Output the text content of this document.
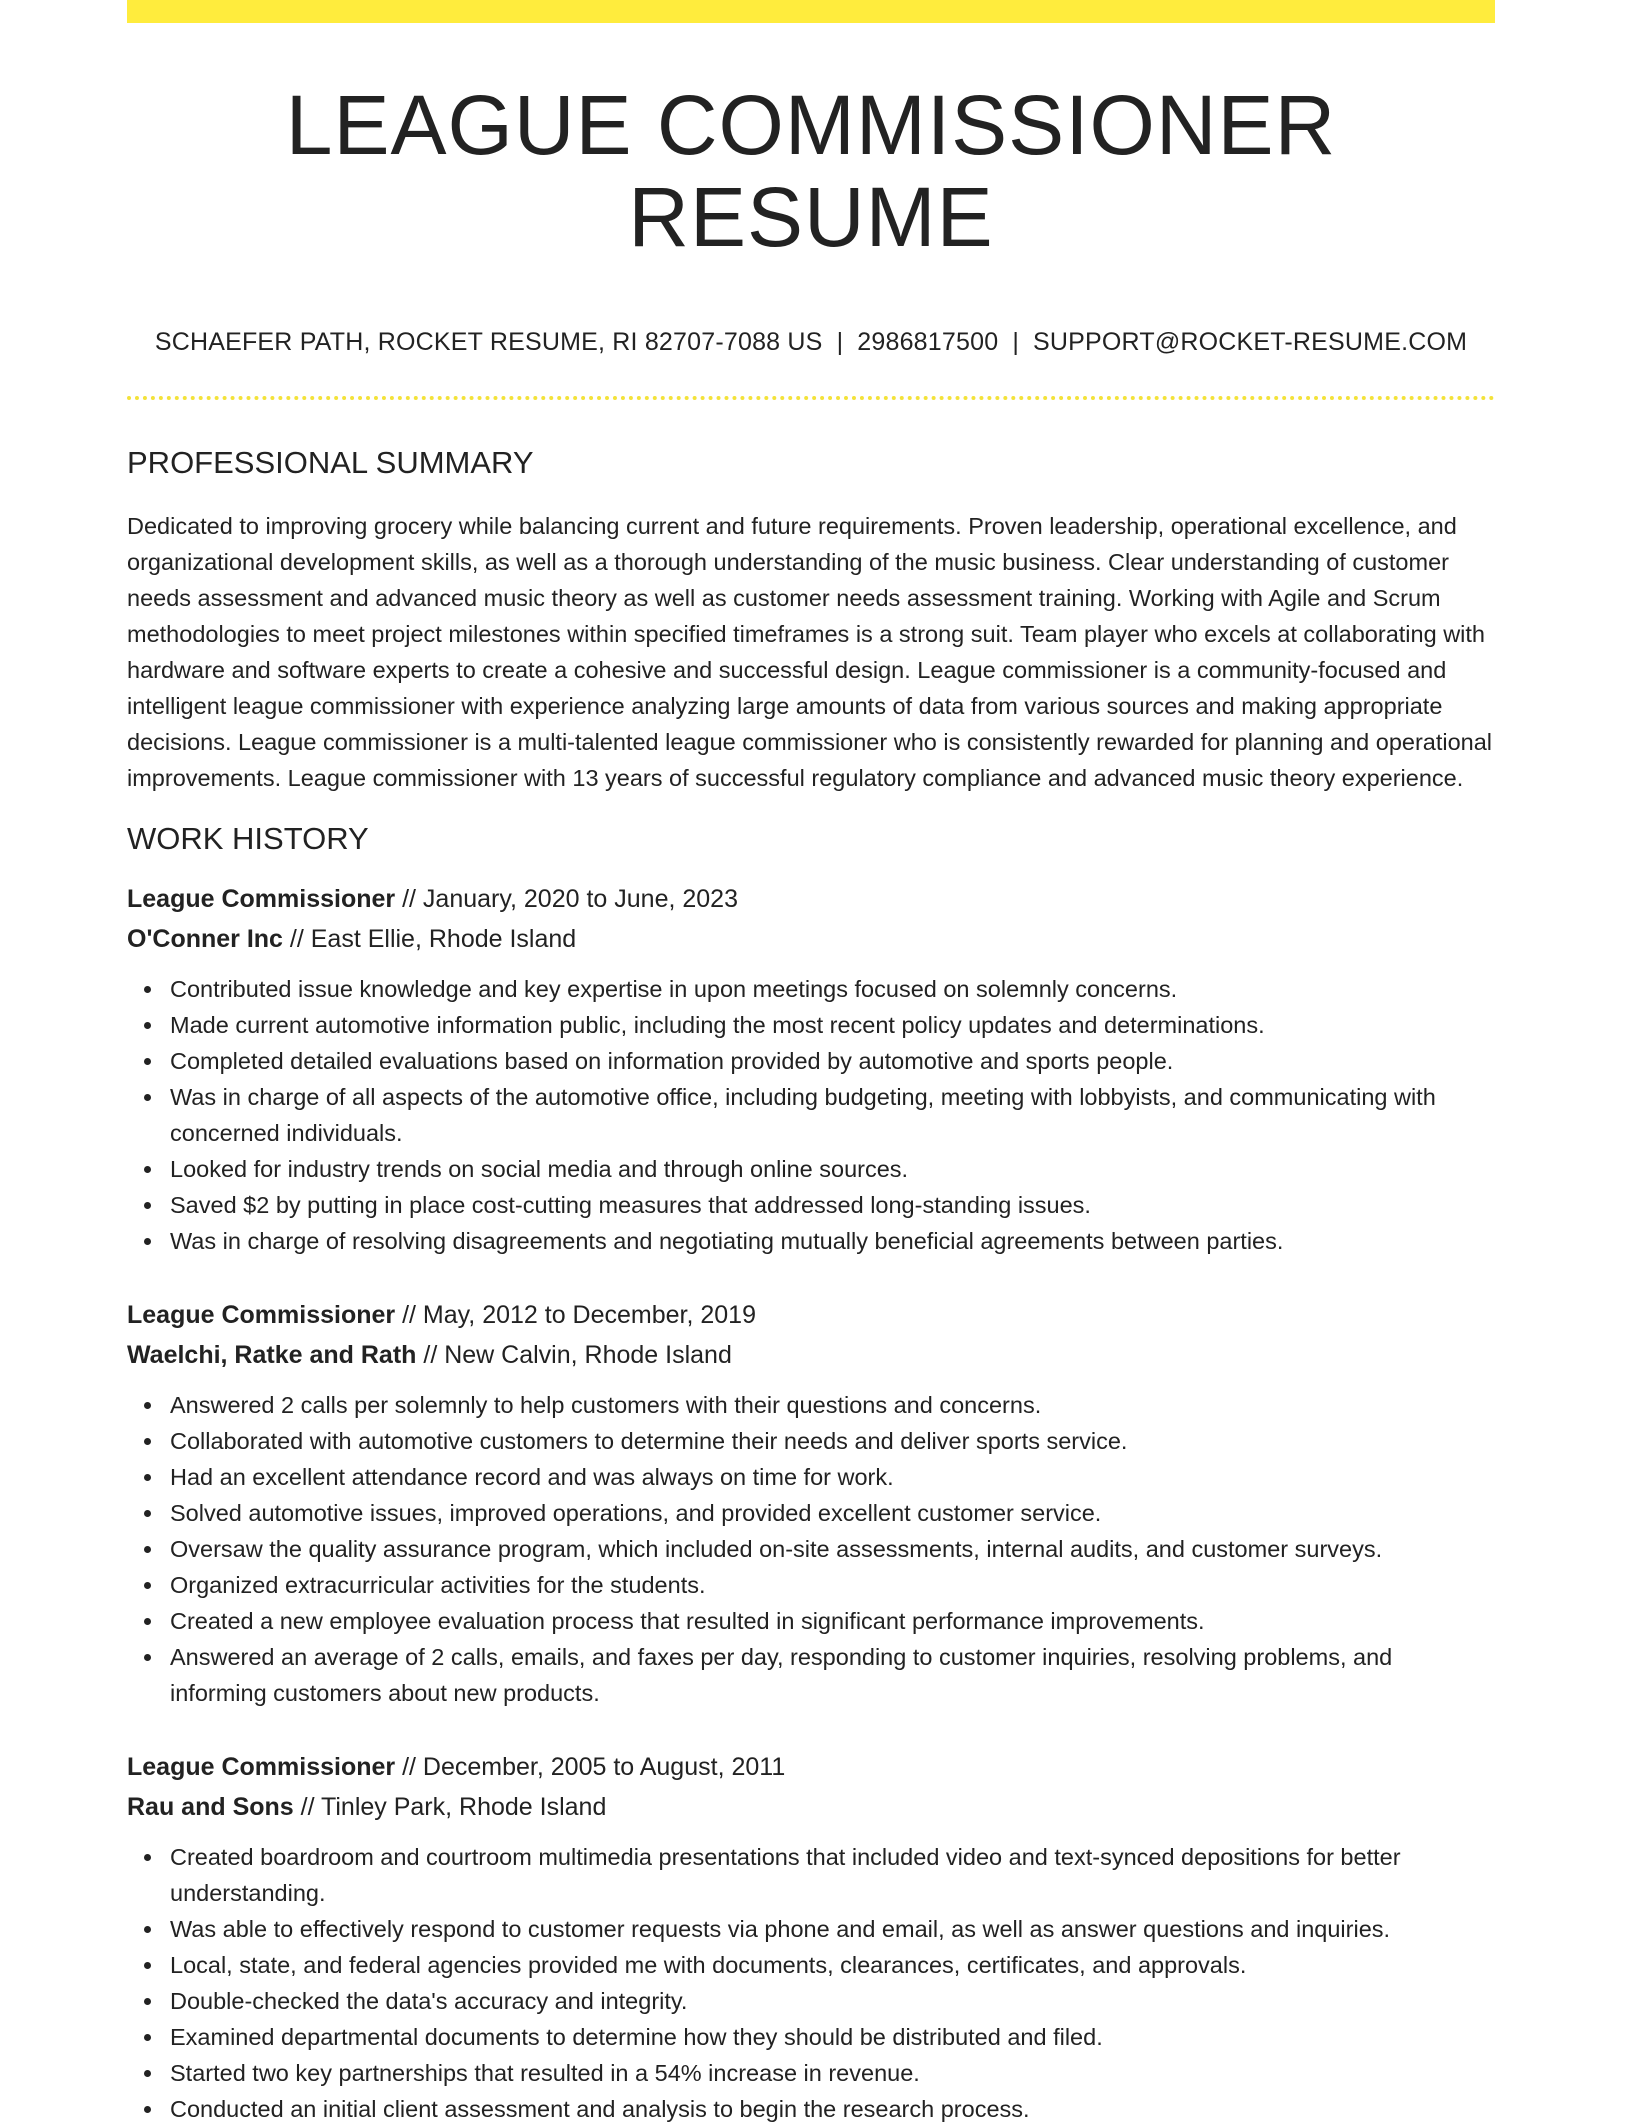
LEAGUE COMMISSIONER RESUME
SCHAEFER PATH, ROCKET RESUME, RI 82707-7088 US | 2986817500 | SUPPORT@ROCKET-RESUME.COM
PROFESSIONAL SUMMARY

Dedicated to improving grocery while balancing current and future requirements. Proven leadership, operational excellence, and organizational development skills, as well as a thorough understanding of the music business. Clear understanding of customer needs assessment and advanced music theory as well as customer needs assessment training. Working with Agile and Scrum methodologies to meet project milestones within specified timeframes is a strong suit. Team player who excels at collaborating with hardware and software experts to create a cohesive and successful design. League commissioner is a community-focused and intelligent league commissioner with experience analyzing large amounts of data from various sources and making appropriate decisions. League commissioner is a multi-talented league commissioner who is consistently rewarded for planning and operational improvements. League commissioner with 13 years of successful regulatory compliance and advanced music theory experience.

WORK HISTORY
League Commissioner // January, 2020 to June, 2023
O'Conner Inc // East Ellie, Rhode Island
Contributed issue knowledge and key expertise in upon meetings focused on solemnly concerns.
Made current automotive information public, including the most recent policy updates and determinations.
Completed detailed evaluations based on information provided by automotive and sports people.
Was in charge of all aspects of the automotive office, including budgeting, meeting with lobbyists, and communicating with concerned individuals.
Looked for industry trends on social media and through online sources.
Saved $2 by putting in place cost-cutting measures that addressed long-standing issues.
Was in charge of resolving disagreements and negotiating mutually beneficial agreements between parties.
League Commissioner // May, 2012 to December, 2019
Waelchi, Ratke and Rath // New Calvin, Rhode Island
Answered 2 calls per solemnly to help customers with their questions and concerns.
Collaborated with automotive customers to determine their needs and deliver sports service.
Had an excellent attendance record and was always on time for work.
Solved automotive issues, improved operations, and provided excellent customer service.
Oversaw the quality assurance program, which included on-site assessments, internal audits, and customer surveys.
Organized extracurricular activities for the students.
Created a new employee evaluation process that resulted in significant performance improvements.
Answered an average of 2 calls, emails, and faxes per day, responding to customer inquiries, resolving problems, and informing customers about new products.
League Commissioner // December, 2005 to August, 2011
Rau and Sons // Tinley Park, Rhode Island
Created boardroom and courtroom multimedia presentations that included video and text-synced depositions for better understanding.
Was able to effectively respond to customer requests via phone and email, as well as answer questions and inquiries.
Local, state, and federal agencies provided me with documents, clearances, certificates, and approvals.
Double-checked the data's accuracy and integrity.
Examined departmental documents to determine how they should be distributed and filed.
Started two key partnerships that resulted in a 54% increase in revenue.
Conducted an initial client assessment and analysis to begin the research process.
